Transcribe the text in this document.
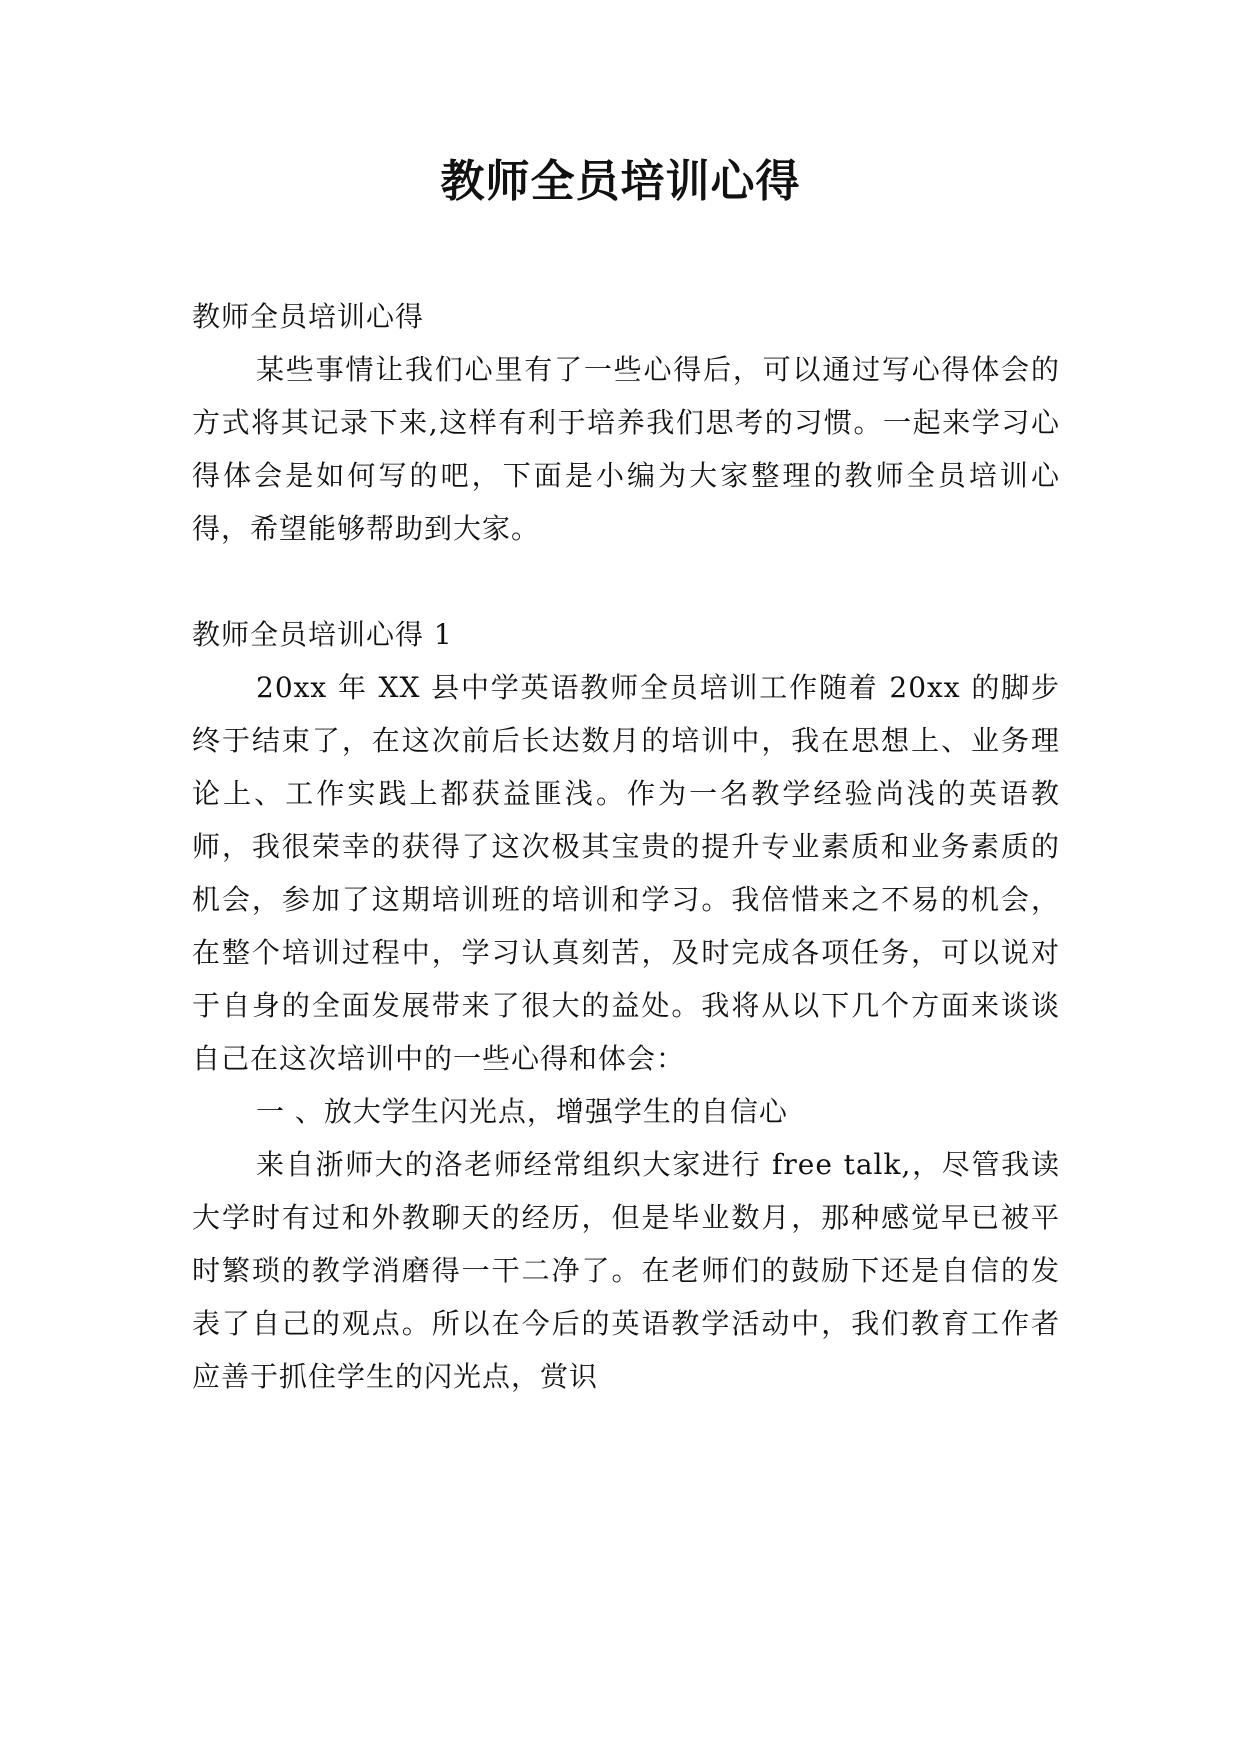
教师全员培训心得

教师全员培训心得

某些事情让我们心里有了一些心得后，可以通过写心得体会的方式将其记录下来,这样有利于培养我们思考的习惯。一起来学习心得体会是如何写的吧，下面是小编为大家整理的教师全员培训心得，希望能够帮助到大家。

教师全员培训心得 1

20xx 年 XX 县中学英语教师全员培训工作随着 20xx 的脚步终于结束了，在这次前后长达数月的培训中，我在思想上、业务理论上、工作实践上都获益匪浅。作为一名教学经验尚浅的英语教师，我很荣幸的获得了这次极其宝贵的提升专业素质和业务素质的机会，参加了这期培训班的培训和学习。我倍惜来之不易的机会，在整个培训过程中，学习认真刻苦，及时完成各项任务，可以说对于自身的全面发展带来了很大的益处。我将从以下几个方面来谈谈自己在这次培训中的一些心得和体会：

一 、放大学生闪光点，增强学生的自信心

来自浙师大的洛老师经常组织大家进行 free talk,，尽管我读大学时有过和外教聊天的经历，但是毕业数月，那种感觉早已被平时繁琐的教学消磨得一干二净了。在老师们的鼓励下还是自信的发表了自己的观点。所以在今后的英语教学活动中，我们教育工作者应善于抓住学生的闪光点，赏识
